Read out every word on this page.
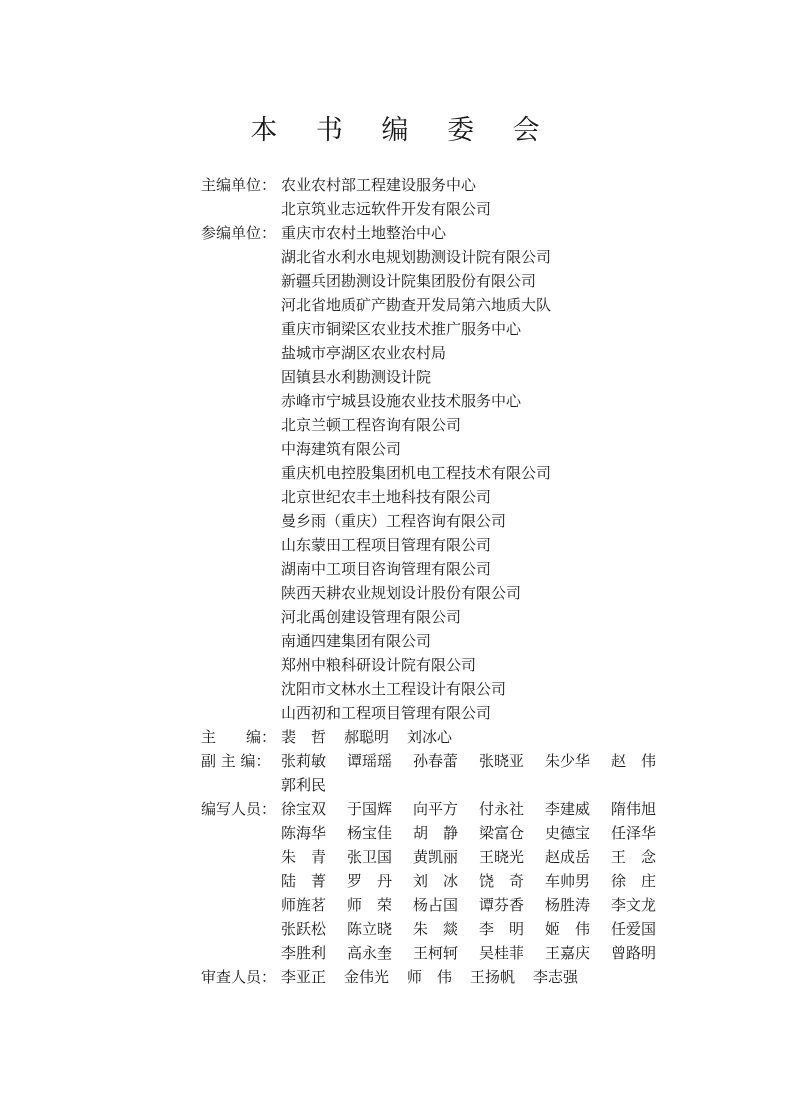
本 书 编 委 会
主编单位： 农业农村部工程建设服务中心
北京筑业志远软件开发有限公司
参编单位： 重庆市农村土地整治中心
湖北省水利水电规划勘测设计院有限公司
新疆兵团勘测设计院集团股份有限公司
河北省地质矿产勘查开发局第六地质大队
重庆市铜梁区农业技术推广服务中心
盐城市亭湖区农业农村局
固镇县水利勘测设计院
赤峰市宁城县设施农业技术服务中心
北京兰顿工程咨询有限公司
中海建筑有限公司
重庆机电控股集团机电工程技术有限公司
北京世纪农丰土地科技有限公司
曼乡雨（重庆）工程咨询有限公司
山东蒙田工程项目管理有限公司
湖南中工项目咨询管理有限公司
陕西天耕农业规划设计股份有限公司
河北禹创建设管理有限公司
南通四建集团有限公司
郑州中粮科研设计院有限公司
沈阳市文林水土工程设计有限公司
山西初和工程项目管理有限公司
主　　编： 裴　哲	郝聪明	刘冰心
副 主 编： 张莉敏	谭瑶瑶	孙春蕾	张晓亚	朱少华	赵　伟
郭利民
编写人员： 徐宝双	于国辉	向平方	付永社	李建威	隋伟旭
陈海华	杨宝佳	胡　静	梁富仓	史德宝	任泽华
朱　青	张卫国	黄凯丽	王晓光	赵成岳	王　念
陆　菁	罗　丹	刘　冰	饶　奇	车帅男	徐　庄
师旌茗	师　荣	杨占国	谭芬香	杨胜涛	李文龙
张跃松	陈立晓	朱　燚	李　明	姬　伟	任爱国
李胜利	高永奎	王柯轲	吴桂菲	王嘉庆	曾路明
审查人员： 李亚正	金伟光	师　伟	王扬帆	李志强
